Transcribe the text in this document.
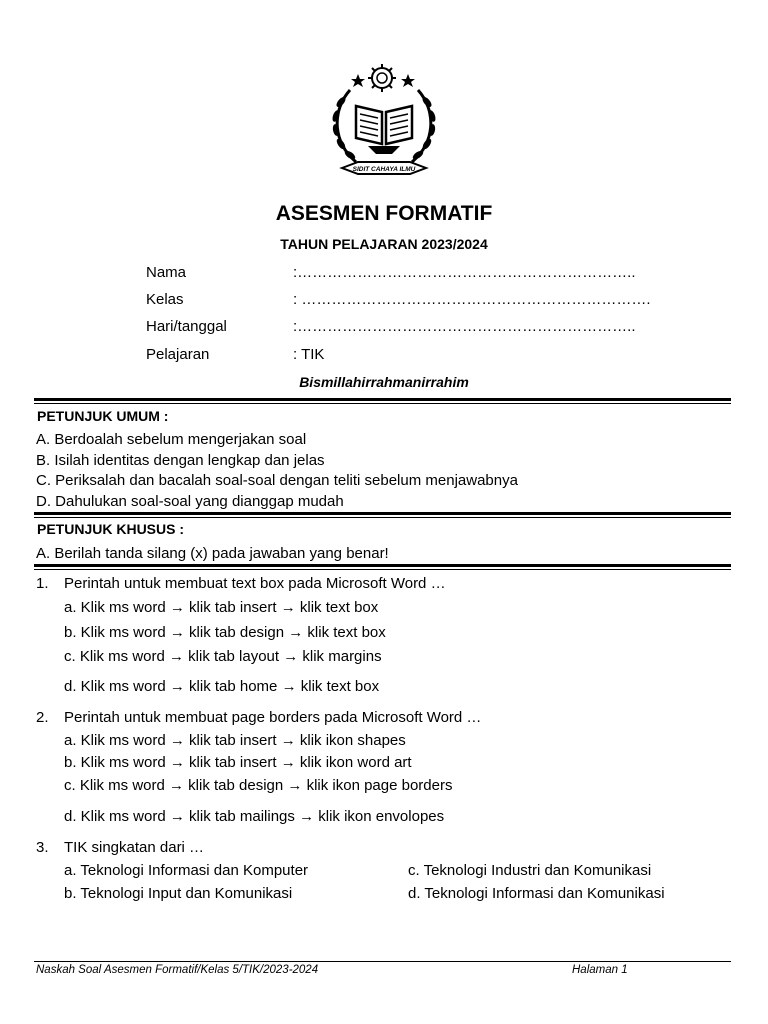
SIDIT CAHAYA ILMU
ASESMEN FORMATIF
TAHUN PELAJARAN 2023/2024
Nama	:…………………………………………………………..
Kelas	: …………………………………………………………….
Hari/tanggal	:…………………………………………………………..
Pelajaran	: TIK
Bismillahirrahmanirrahim
PETUNJUK UMUM :
A. Berdoalah sebelum mengerjakan soal
B. Isilah identitas dengan lengkap dan jelas
C. Periksalah dan bacalah soal-soal dengan teliti sebelum menjawabnya
D. Dahulukan soal-soal yang dianggap mudah
PETUNJUK KHUSUS :
A. Berilah tanda silang (x) pada jawaban yang benar!
1. Perintah untuk membuat text box pada Microsoft Word …
a. Klik ms word → klik tab insert → klik text box
b. Klik ms word → klik tab design → klik text box
c. Klik ms word → klik tab layout → klik margins
d. Klik ms word → klik tab home → klik text box
2. Perintah untuk membuat page borders pada Microsoft Word …
a. Klik ms word → klik tab insert → klik ikon shapes
b. Klik ms word → klik tab insert → klik ikon word art
c. Klik ms word → klik tab design → klik ikon page borders
d. Klik ms word → klik tab mailings → klik ikon envolopes
3. TIK singkatan dari …
a. Teknologi Informasi dan Komputer
b. Teknologi Input dan Komunikasi
c. Teknologi Industri dan Komunikasi
d. Teknologi Informasi dan Komunikasi
Naskah Soal Asesmen Formatif/Kelas 5/TIK/2023-2024	Halaman 1
